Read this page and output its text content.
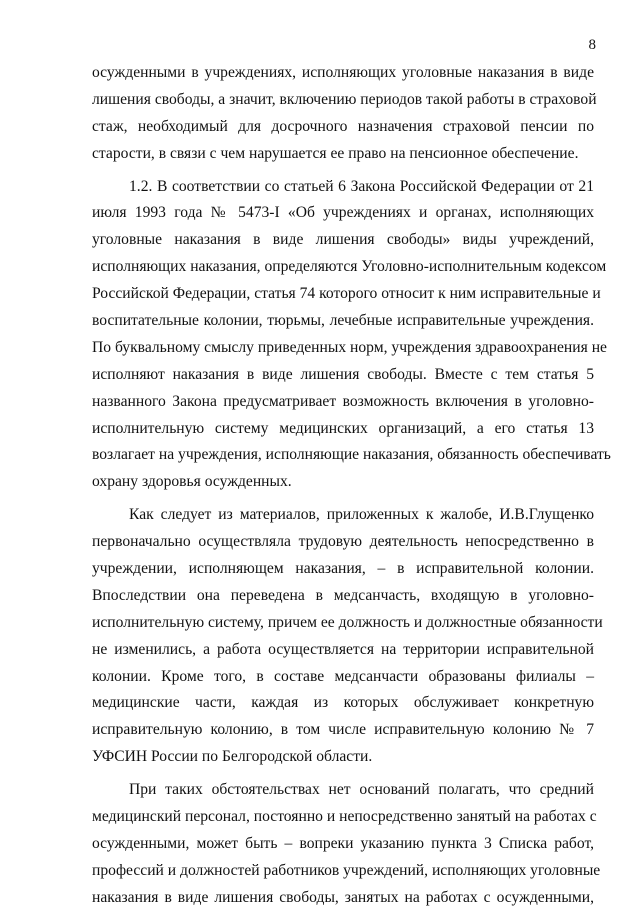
8
осужденными в учреждениях, исполняющих уголовные наказания в виде
лишения свободы, а значит, включению периодов такой работы в страховой
стаж, необходимый для досрочного назначения страховой пенсии по
старости, в связи с чем нарушается ее право на пенсионное обеспечение.
1.2. В соответствии со статьей 6 Закона Российской Федерации от 21
июля 1993 года № 5473-I «Об учреждениях и органах, исполняющих
уголовные наказания в виде лишения свободы» виды учреждений,
исполняющих наказания, определяются Уголовно-исполнительным кодексом
Российской Федерации, статья 74 которого относит к ним исправительные и
воспитательные колонии, тюрьмы, лечебные исправительные учреждения.
По буквальному смыслу приведенных норм, учреждения здравоохранения не
исполняют наказания в виде лишения свободы. Вместе с тем статья 5
названного Закона предусматривает возможность включения в уголовно-
исполнительную систему медицинских организаций, а его статья 13
возлагает на учреждения, исполняющие наказания, обязанность обеспечивать
охрану здоровья осужденных.
Как следует из материалов, приложенных к жалобе, И.В.Глущенко
первоначально осуществляла трудовую деятельность непосредственно в
учреждении, исполняющем наказания, – в исправительной колонии.
Впоследствии она переведена в медсанчасть, входящую в уголовно-
исполнительную систему, причем ее должность и должностные обязанности
не изменились, а работа осуществляется на территории исправительной
колонии. Кроме того, в составе медсанчасти образованы филиалы –
медицинские части, каждая из которых обслуживает конкретную
исправительную колонию, в том числе исправительную колонию № 7
УФСИН России по Белгородской области.
При таких обстоятельствах нет оснований полагать, что средний
медицинский персонал, постоянно и непосредственно занятый на работах с
осужденными, может быть – вопреки указанию пункта 3 Списка работ,
профессий и должностей работников учреждений, исполняющих уголовные
наказания в виде лишения свободы, занятых на работах с осужденными,
